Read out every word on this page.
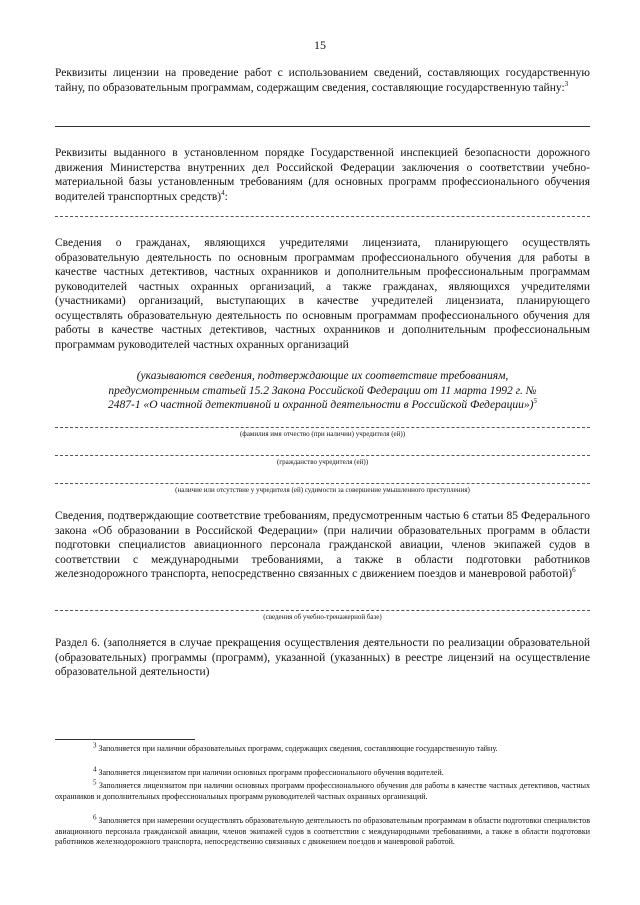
15
Реквизиты лицензии на проведение работ с использованием сведений, составляющих государственную тайну, по образовательным программам, содержащим сведения, составляющие государственную тайну:$^3$
Реквизиты выданного в установленном порядке Государственной инспекцией безопасности дорожного движения Министерства внутренних дел Российской Федерации заключения о соответствии учебно-материальной базы установленным требованиям (для основных программ профессионального обучения водителей транспортных средств)$^4$:
Сведения о гражданах, являющихся учредителями лицензиата, планирующего осуществлять образовательную деятельность по основным программам профессионального обучения для работы в качестве частных детективов, частных охранников и дополнительным профессиональным программам руководителей частных охранных организаций, а также гражданах, являющихся учредителями (участниками) организаций, выступающих в качестве учредителей лицензиата, планирующего осуществлять образовательную деятельность по основным программам профессионального обучения для работы в качестве частных детективов, частных охранников и дополнительным профессиональным программам руководителей частных охранных организаций
(указываются сведения, подтверждающие их соответствие требованиям, предусмотренным статьей 15.2 Закона Российской Федерации от 11 марта 1992 г. № 2487-1 «О частной детективной и охранной деятельности в Российской Федерации»)$^5$
(фамилия имя отчество (при наличии) учредителя (ей))
(гражданство учредителя (ей))
(наличие или отсутствие у учредителя (ей) судимости за совершение умышленного преступления)
Сведения, подтверждающие соответствие требованиям, предусмотренным частью 6 статьи 85 Федерального закона «Об образовании в Российской Федерации» (при наличии образовательных программ в области подготовки специалистов авиационного персонала гражданской авиации, членов экипажей судов в соответствии с международными требованиями, а также в области подготовки работников железнодорожного транспорта, непосредственно связанных с движением поездов и маневровой работой)$^6$
(сведения об учебно-тренажерной базе)
Раздел 6. (заполняется в случае прекращения осуществления деятельности по реализации образовательной (образовательных) программы (программ), указанной (указанных) в реестре лицензий на осуществление образовательной деятельности)
$^3$ Заполняется при наличии образовательных программ, содержащих сведения, составляющие государственную тайну.
$^4$ Заполняется лицензиатом при наличии основных программ профессионального обучения водителей.
$^5$ Заполняется лицензиатом при наличии основных программ профессионального обучения для работы в качестве частных детективов, частных охранников и дополнительных профессиональных программ руководителей частных охранных организаций.
$^6$ Заполняется при намерении осуществлять образовательную деятельность по образовательным программам в области подготовки специалистов авиационного персонала гражданской авиации, членов экипажей судов в соответствии с международными требованиями, а также в области подготовки работников железнодорожного транспорта, непосредственно связанных с движением поездов и маневровой работой.
